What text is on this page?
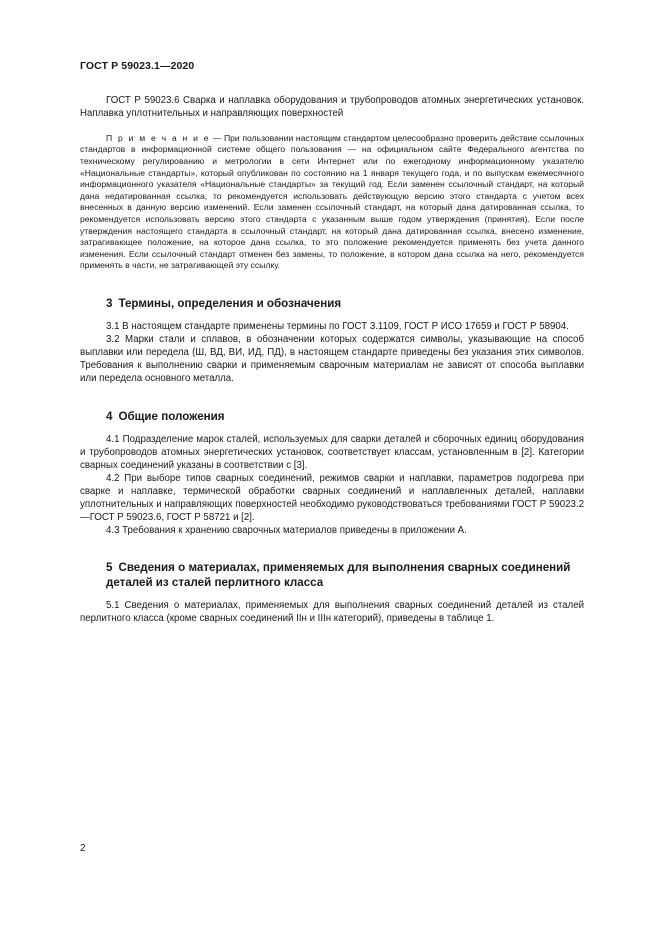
ГОСТ Р 59023.1—2020

ГОСТ Р 59023.6 Сварка и наплавка оборудования и трубопроводов атомных энергетических установок. Наплавка уплотнительных и направляющих поверхностей

П р и м е ч а н и е — При пользовании настоящим стандартом целесообразно проверить действие ссылочных стандартов в информационной системе общего пользования — на официальном сайте Федерального агентства по техническому регулированию и метрологии в сети Интернет или по ежегодному информационному указателю «Национальные стандарты», который опубликован по состоянию на 1 января текущего года, и по выпускам ежемесячного информационного указателя «Национальные стандарты» за текущий год. Если заменен ссылочный стандарт, на который дана недатированная ссылка, то рекомендуется использовать действующую версию этого стандарта с учетом всех внесенных в данную версию изменений. Если заменен ссылочный стандарт, на который дана датированная ссылка, то рекомендуется использовать версию этого стандарта с указанным выше годом утверждения (принятия). Если после утверждения настоящего стандарта в ссылочный стандарт, на который дана датированная ссылка, внесено изменение, затрагивающее положение, на которое дана ссылка, то это положение рекомендуется применять без учета данного изменения. Если ссылочный стандарт отменен без замены, то положение, в котором дана ссылка на него, рекомендуется применять в части, не затрагивающей эту ссылку.

3 Термины, определения и обозначения

3.1 В настоящем стандарте применены термины по ГОСТ 3.1109, ГОСТ Р ИСО 17659 и ГОСТ Р 58904.

3.2 Марки стали и сплавов, в обозначении которых содержатся символы, указывающие на способ выплавки или передела (Ш, ВД, ВИ, ИД, ПД), в настоящем стандарте приведены без указания этих символов. Требования к выполнению сварки и применяемым сварочным материалам не зависят от способа выплавки или передела основного металла.

4 Общие положения

4.1 Подразделение марок сталей, используемых для сварки деталей и сборочных единиц оборудования и трубопроводов атомных энергетических установок, соответствует классам, установленным в [2]. Категории сварных соединений указаны в соответствии с [3].

4.2 При выборе типов сварных соединений, режимов сварки и наплавки, параметров подогрева при сварке и наплавке, термической обработки сварных соединений и наплавленных деталей, наплавки уплотнительных и направляющих поверхностей необходимо руководствоваться требованиями ГОСТ Р 59023.2—ГОСТ Р 59023.6, ГОСТ Р 58721 и [2].

4.3 Требования к хранению сварочных материалов приведены в приложении А.

5 Сведения о материалах, применяемых для выполнения сварных соединений деталей из сталей перлитного класса

5.1 Сведения о материалах, применяемых для выполнения сварных соединений деталей из сталей перлитного класса (кроме сварных соединений IIн и IIIн категорий), приведены в таблице 1.

2
